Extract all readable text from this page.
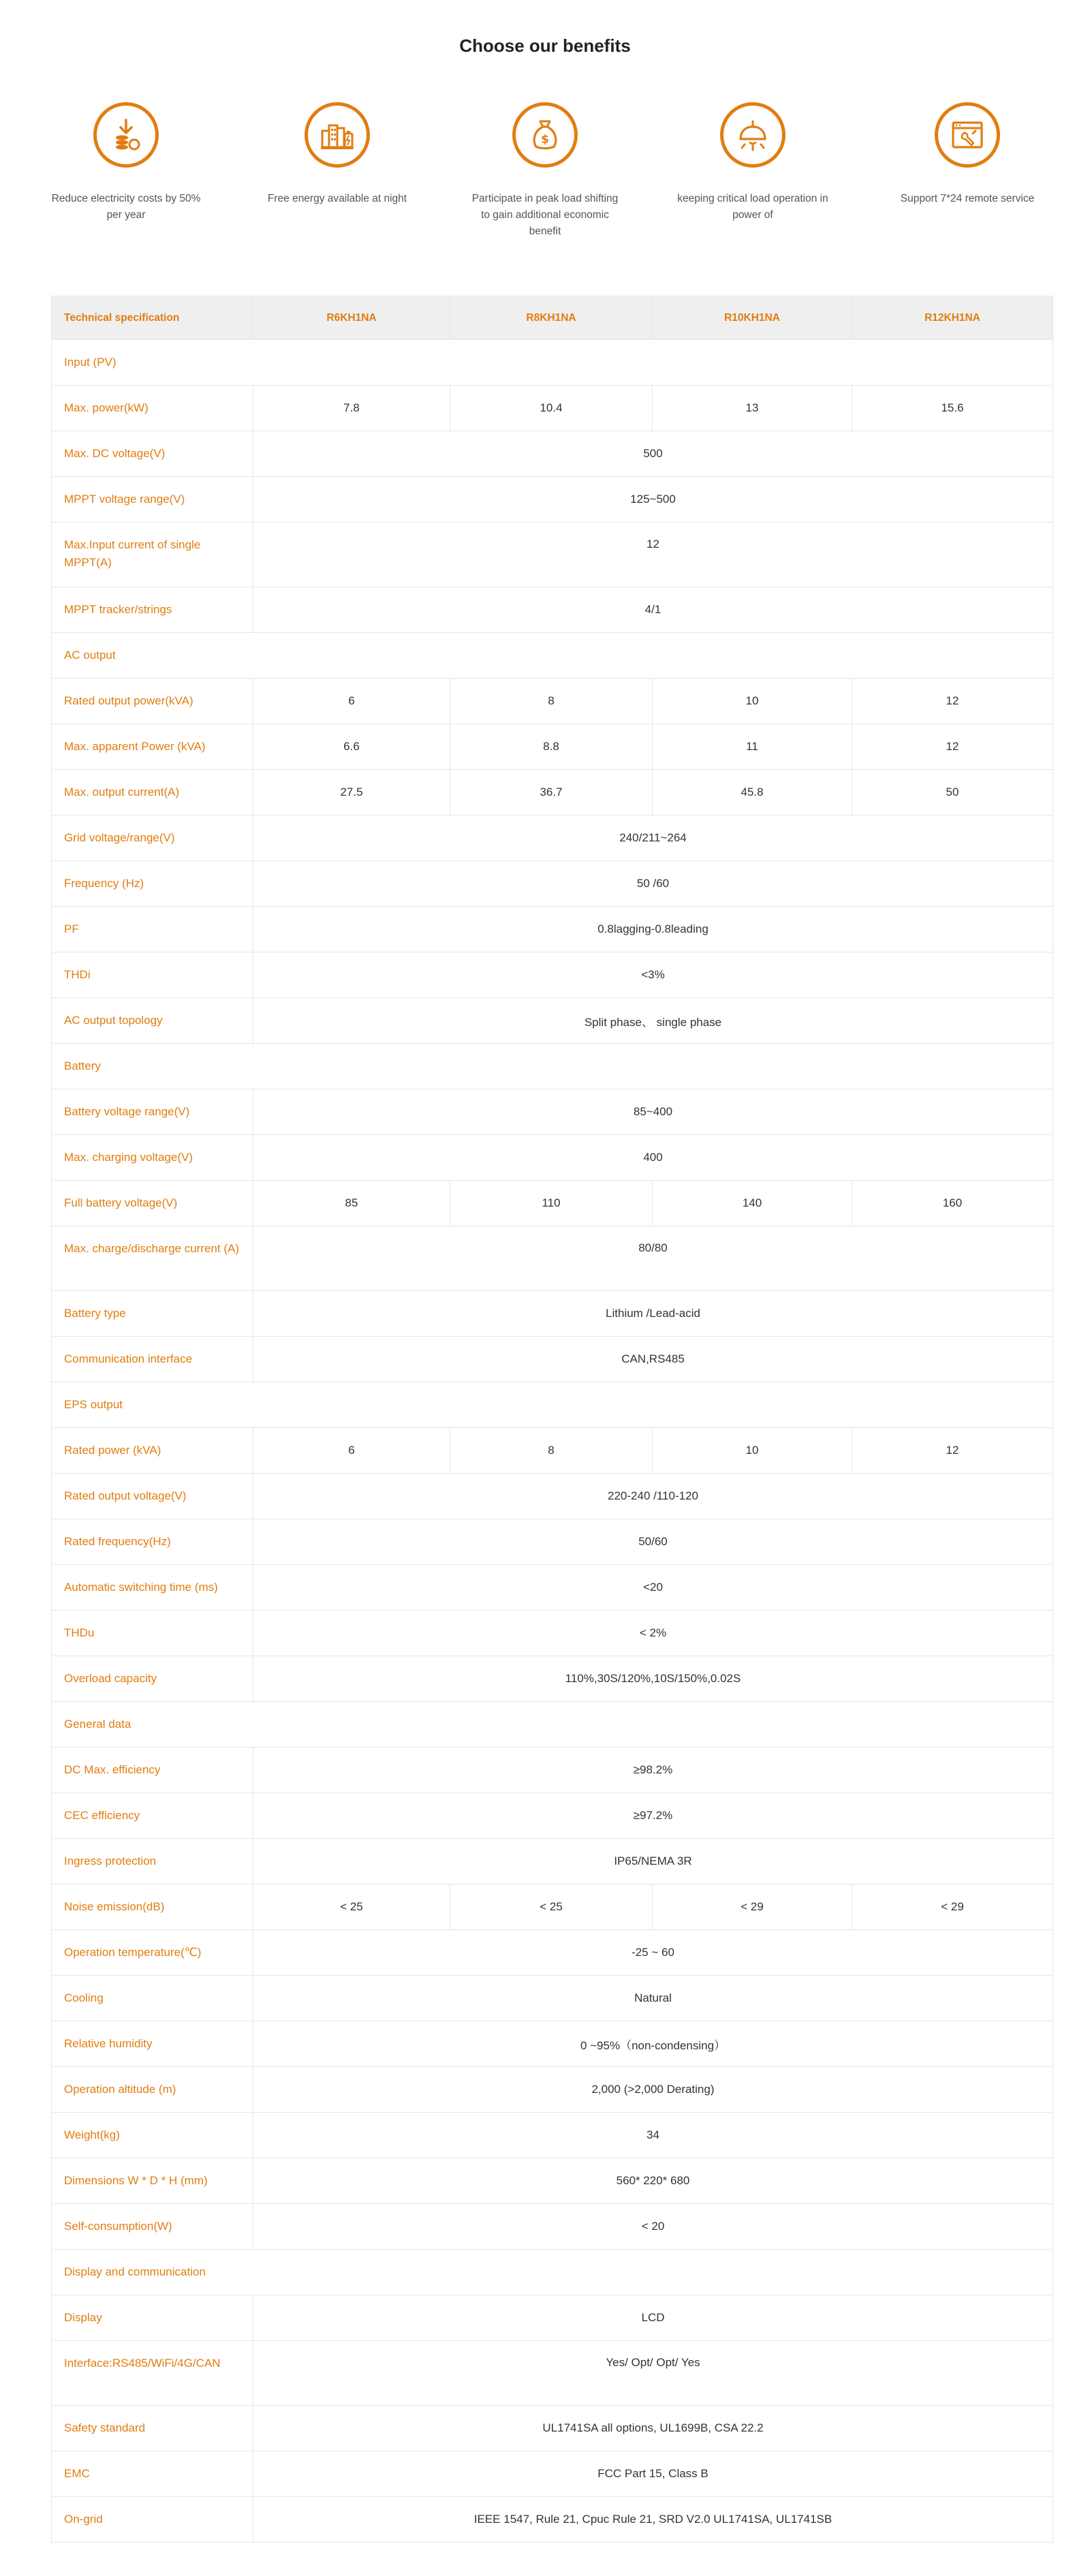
Choose our benefits
Reduce electricity costs by 50% per year
Free energy available at night
$
Participate in peak load shifting to gain additional economic benefit
keeping critical load operation in power of
Support 7*24 remote service
Technical specification	R6KH1NA	R8KH1NA	R10KH1NA	R12KH1NA
Input (PV)				
Max. power(kW)	7.8	10.4	13	15.6
Max. DC voltage(V)	500			
MPPT voltage range(V)	125~500			
Max.Input current of single MPPT(A)	12			
MPPT tracker/strings	4/1			
AC output				
Rated output power(kVA)	6	8	10	12
Max. apparent Power (kVA)	6.6	8.8	11	12
Max. output current(A)	27.5	36.7	45.8	50
Grid voltage/range(V)	240/211~264			
Frequency (Hz)	50 /60			
PF	0.8lagging-0.8leading			
THDi	<3%			
AC output topology	Split phase、 single phase			
Battery				
Battery voltage range(V)	85~400			
Max. charging voltage(V)	400			
Full battery voltage(V)	85	110	140	160
Max. charge/discharge current (A)	80/80			
Battery type	Lithium /Lead-acid			
Communication interface	CAN,RS485			
EPS output				
Rated power (kVA)	6	8	10	12
Rated output voltage(V)	220-240 /110-120			
Rated frequency(Hz)	50/60			
Automatic switching time (ms)	<20			
THDu	< 2%			
Overload capacity	110%,30S/120%,10S/150%,0.02S			
General data				
DC Max. efficiency	≥98.2%			
CEC efficiency	≥97.2%			
Ingress protection	IP65/NEMA 3R			
Noise emission(dB)	< 25	< 25	< 29	< 29
Operation temperature(℃)	-25 ~ 60			
Cooling	Natural			
Relative humidity	0 ~95%（non-condensing）			
Operation altitude (m)	2,000 (>2,000 Derating)			
Weight(kg)	34			
Dimensions W * D * H (mm)	560* 220* 680			
Self-consumption(W)	< 20			
Display and communication				
Display	LCD			
Interface:RS485/WiFi/4G/CAN	Yes/ Opt/ Opt/ Yes			
Safety standard	UL1741SA all options, UL1699B, CSA 22.2			
EMC	FCC Part 15, Class B			
On-grid	IEEE 1547, Rule 21, Cpuc Rule 21, SRD V2.0 UL1741SA, UL1741SB			
